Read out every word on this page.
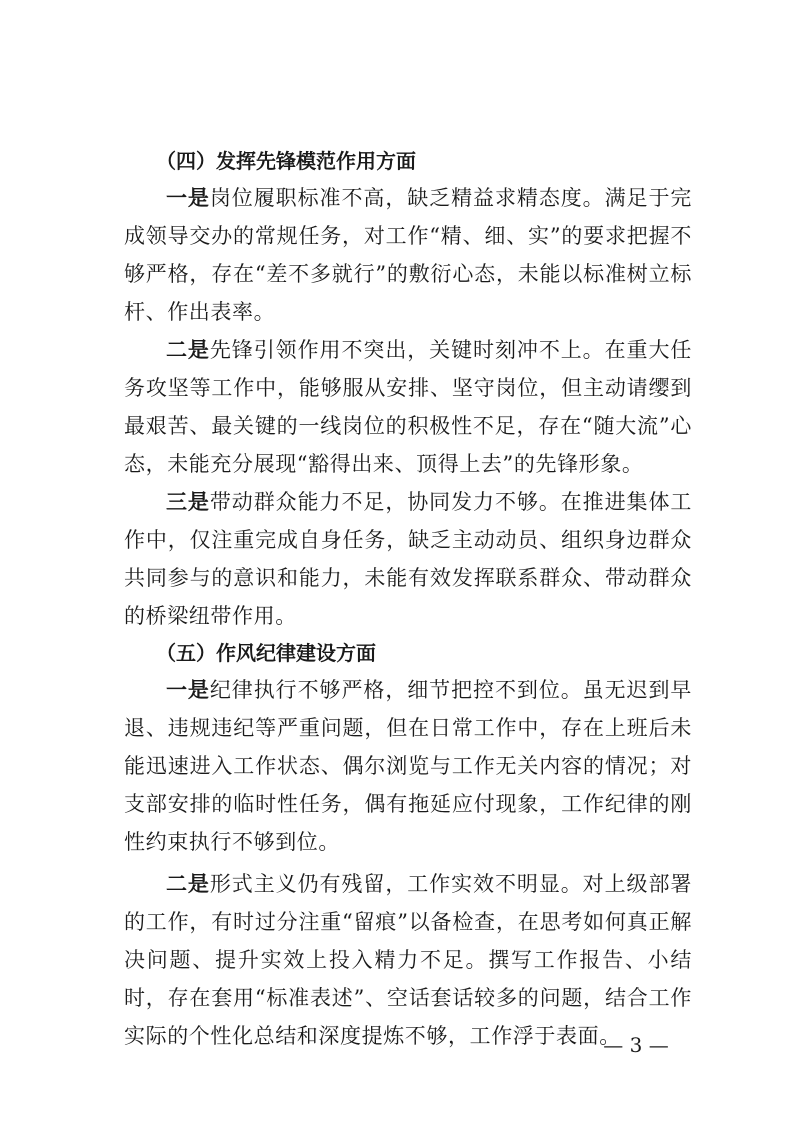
（四）发挥先锋模范作用方面

一是岗位履职标准不高，缺乏精益求精态度。满足于完成领导交办的常规任务，对工作“精、细、实”的要求把握不够严格，存在“差不多就行”的敷衍心态，未能以标准树立标杆、作出表率。

二是先锋引领作用不突出，关键时刻冲不上。在重大任务攻坚等工作中，能够服从安排、坚守岗位，但主动请缨到最艰苦、最关键的一线岗位的积极性不足，存在“随大流”心态，未能充分展现“豁得出来、顶得上去”的先锋形象。

三是带动群众能力不足，协同发力不够。在推进集体工作中，仅注重完成自身任务，缺乏主动动员、组织身边群众共同参与的意识和能力，未能有效发挥联系群众、带动群众的桥梁纽带作用。

（五）作风纪律建设方面

一是纪律执行不够严格，细节把控不到位。虽无迟到早退、违规违纪等严重问题，但在日常工作中，存在上班后未能迅速进入工作状态、偶尔浏览与工作无关内容的情况；对支部安排的临时性任务，偶有拖延应付现象，工作纪律的刚性约束执行不够到位。

二是形式主义仍有残留，工作实效不明显。对上级部署的工作，有时过分注重“留痕”以备检查，在思考如何真正解决问题、提升实效上投入精力不足。撰写工作报告、小结时，存在套用“标准表述”、空话套话较多的问题，结合工作实际的个性化总结和深度提炼不够，工作浮于表面。

— 3 —
